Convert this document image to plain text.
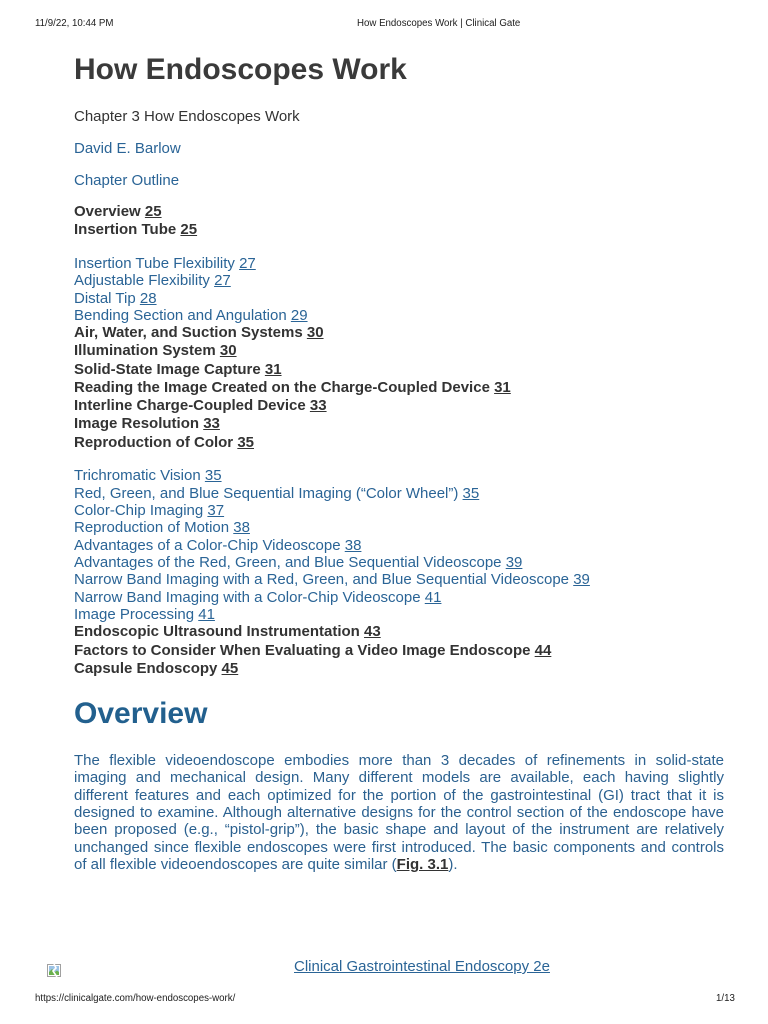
11/9/22, 10:44 PM	How Endoscopes Work | Clinical Gate
How Endoscopes Work
Chapter 3 How Endoscopes Work
David E. Barlow
Chapter Outline
Overview 25
Insertion Tube 25
Insertion Tube Flexibility 27
Adjustable Flexibility 27
Distal Tip 28
Bending Section and Angulation 29
Air, Water, and Suction Systems 30
Illumination System 30
Solid-State Image Capture 31
Reading the Image Created on the Charge-Coupled Device 31
Interline Charge-Coupled Device 33
Image Resolution 33
Reproduction of Color 35
Trichromatic Vision 35
Red, Green, and Blue Sequential Imaging (“Color Wheel”) 35
Color-Chip Imaging 37
Reproduction of Motion 38
Advantages of a Color-Chip Videoscope 38
Advantages of the Red, Green, and Blue Sequential Videoscope 39
Narrow Band Imaging with a Red, Green, and Blue Sequential Videoscope 39
Narrow Band Imaging with a Color-Chip Videoscope 41
Image Processing 41
Endoscopic Ultrasound Instrumentation 43
Factors to Consider When Evaluating a Video Image Endoscope 44
Capsule Endoscopy 45
Overview
The flexible videoendoscope embodies more than 3 decades of refinements in solid-state
imaging and mechanical design. Many different models are available, each having slightly
different features and each optimized for the portion of the gastrointestinal (GI) tract that it is
designed to examine. Although alternative designs for the control section of the endoscope have
been proposed (e.g., “pistol-grip”), the basic shape and layout of the instrument are relatively
unchanged since flexible endoscopes were first introduced. The basic components and controls
of all flexible videoendoscopes are quite similar (Fig. 3.1).
Clinical Gastrointestinal Endoscopy 2e
https://clinicalgate.com/how-endoscopes-work/	1/13
